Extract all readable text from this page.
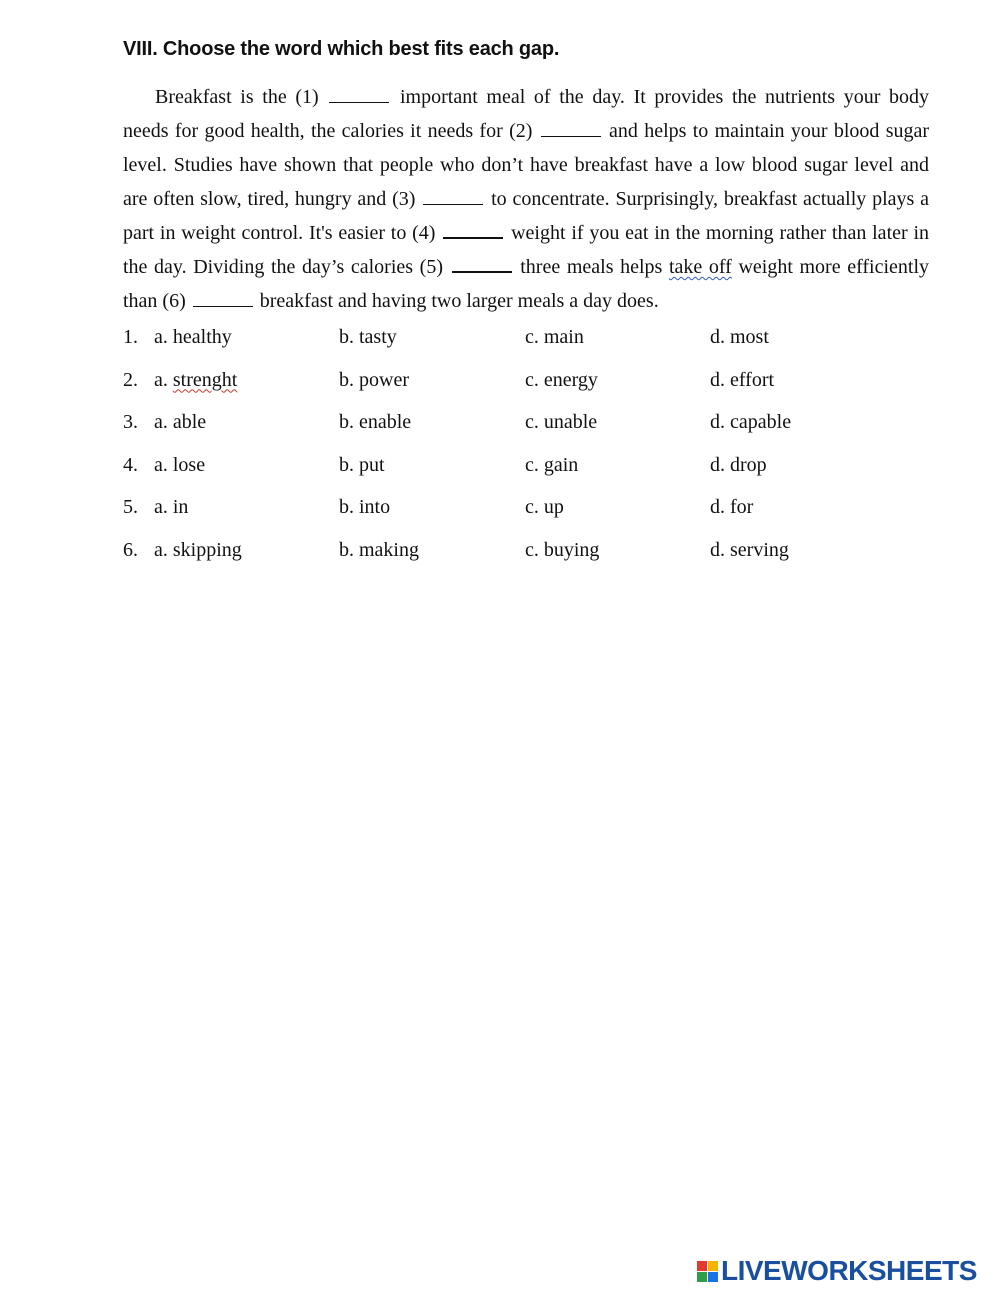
VIII. Choose the word which best fits each gap.
Breakfast is the (1)	important meal of the day. It provides the nutrients your body
needs for good health, the calories it needs for (2)	and helps to maintain your blood sugar
level. Studies have shown that people who don’t have breakfast have a low blood sugar level and
are often slow, tired, hungry and (3)	to concentrate. Surprisingly, breakfast actually plays a
part in weight control. It's easier to (4)	weight if you eat in the morning rather than later in
the day. Dividing the day’s calories (5)	three meals helps take off weight more efficiently
than (6)	breakfast and having two larger meals a day does.
1. a. healthy	b. tasty	c. main	d. most
2. a. strenght	b. power	c. energy	d. effort
3. a. able	b. enable	c. unable	d. capable
4. a. lose	b. put	c. gain	d. drop
5. a. in	b. into	c. up	d. for
6. a. skipping	b. making	c. buying	d. serving
LIVEWORKSHEETS
